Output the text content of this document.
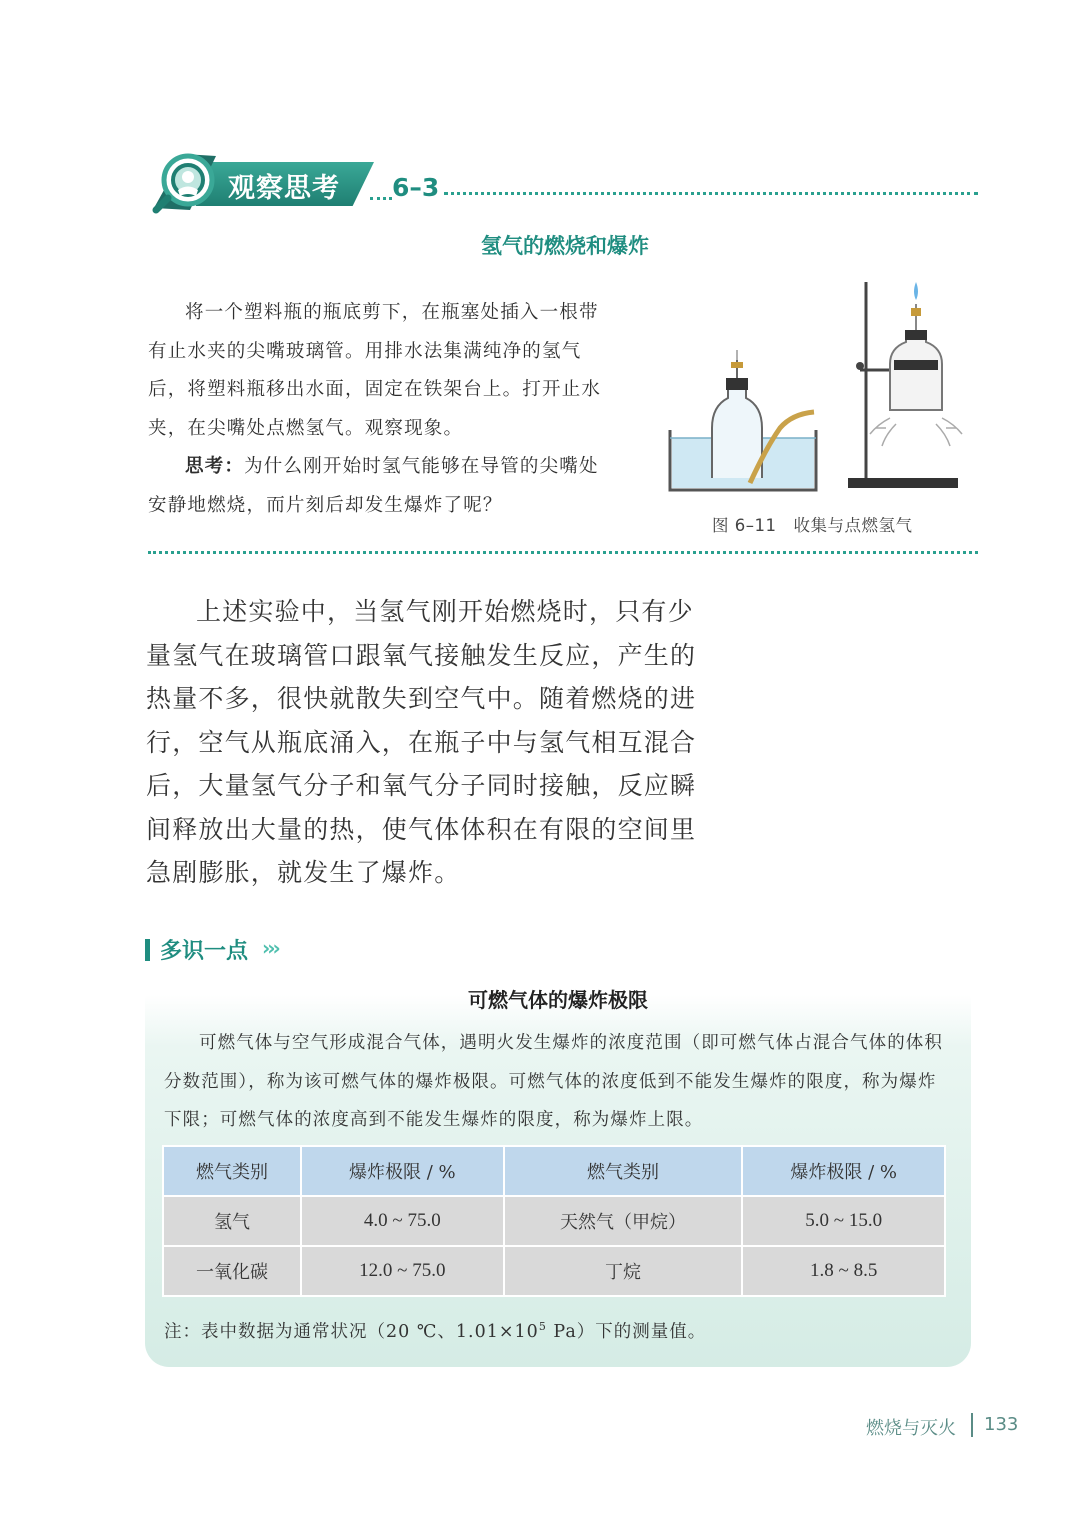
观察思考 6–3
氢气的燃烧和爆炸

将一个塑料瓶的瓶底剪下，在瓶塞处插入一根带有止水夹的尖嘴玻璃管。用排水法集满纯净的氢气后，将塑料瓶移出水面，固定在铁架台上。打开止水夹，在尖嘴处点燃氢气。观察现象。

思考：为什么刚开始时氢气能够在导管的尖嘴处安静地燃烧，而片刻后却发生爆炸了呢？

图 6–11　收集与点燃氢气

上述实验中，当氢气刚开始燃烧时，只有少量氢气在玻璃管口跟氧气接触发生反应，产生的热量不多，很快就散失到空气中。随着燃烧的进行，空气从瓶底涌入，在瓶子中与氢气相互混合后，大量氢气分子和氧气分子同时接触，反应瞬间释放出大量的热，使气体体积在有限的空间里急剧膨胀，就发生了爆炸。

多识一点 ›››
可燃气体的爆炸极限

可燃气体与空气形成混合气体，遇明火发生爆炸的浓度范围（即可燃气体占混合气体的体积分数范围），称为该可燃气体的爆炸极限。可燃气体的浓度低到不能发生爆炸的限度，称为爆炸下限；可燃气体的浓度高到不能发生爆炸的限度，称为爆炸上限。

燃气类别	爆炸极限 / %	燃气类别	爆炸极限 / %
氢气	4.0 ~ 75.0	天然气（甲烷）	5.0 ~ 15.0
一氧化碳	12.0 ~ 75.0	丁烷	1.8 ~ 8.5
注：表中数据为通常状况（20 ℃、$1.01\times 10^5$ Pa）下的测量值。
燃烧与灭火 133
